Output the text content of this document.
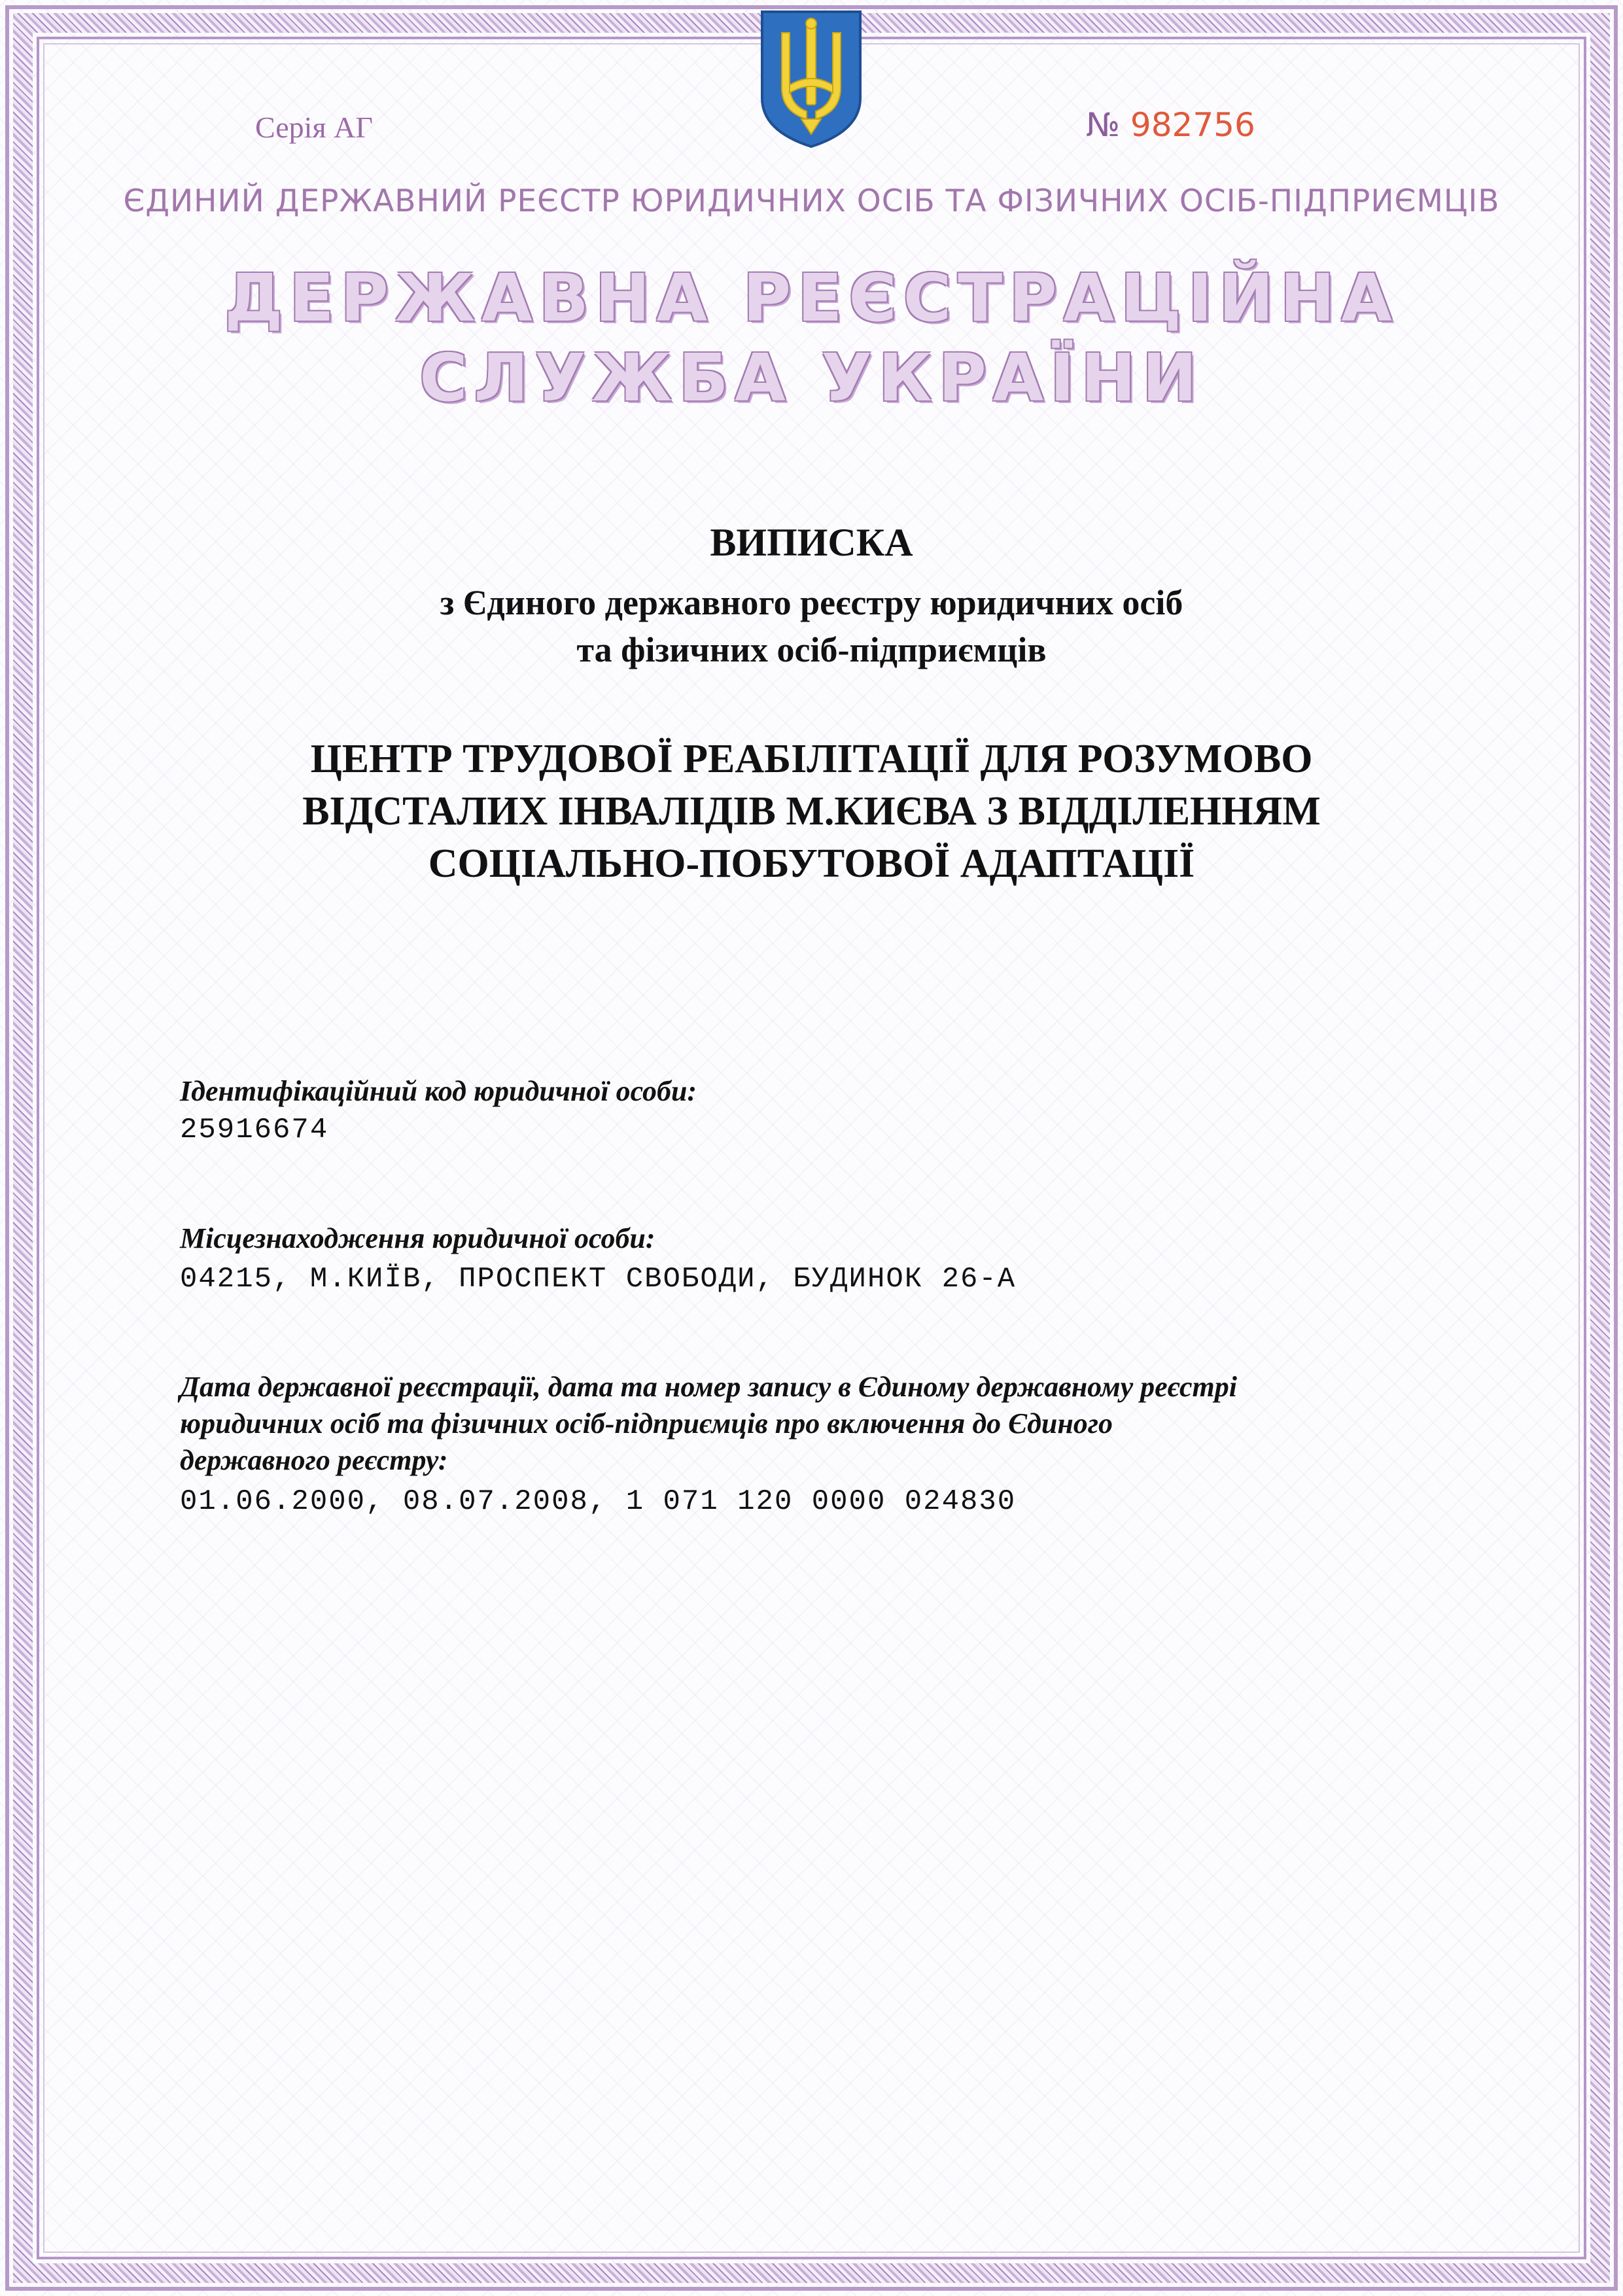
Серія АГ	№ 982756
ЄДИНИЙ ДЕРЖАВНИЙ РЕЄСТР ЮРИДИЧНИХ ОСІБ ТА ФІЗИЧНИХ ОСІБ-ПІДПРИЄМЦІВ
ДЕРЖАВНА РЕЄСТРАЦІЙНА
СЛУЖБА УКРАЇНИ
ВИПИСКА
з Єдиного державного реєстру юридичних осіб
та фізичних осіб-підприємців
ЦЕНТР ТРУДОВОЇ РЕАБІЛІТАЦІЇ ДЛЯ РОЗУМОВО
ВІДСТАЛИХ ІНВАЛІДІВ М.КИЄВА З ВІДДІЛЕННЯМ
СОЦІАЛЬНО-ПОБУТОВОЇ АДАПТАЦІЇ
Ідентифікаційний код юридичної особи:
25916674
Місцезнаходження юридичної особи:
04215, М.КИЇВ, ПРОСПЕКТ СВОБОДИ, БУДИНОК 26-А
Дата державної реєстрації, дата та номер запису в Єдиному державному реєстрі
юридичних осіб та фізичних осіб-підприємців про включення до Єдиного
державного реєстру:
01.06.2000, 08.07.2008, 1 071 120 0000 024830
